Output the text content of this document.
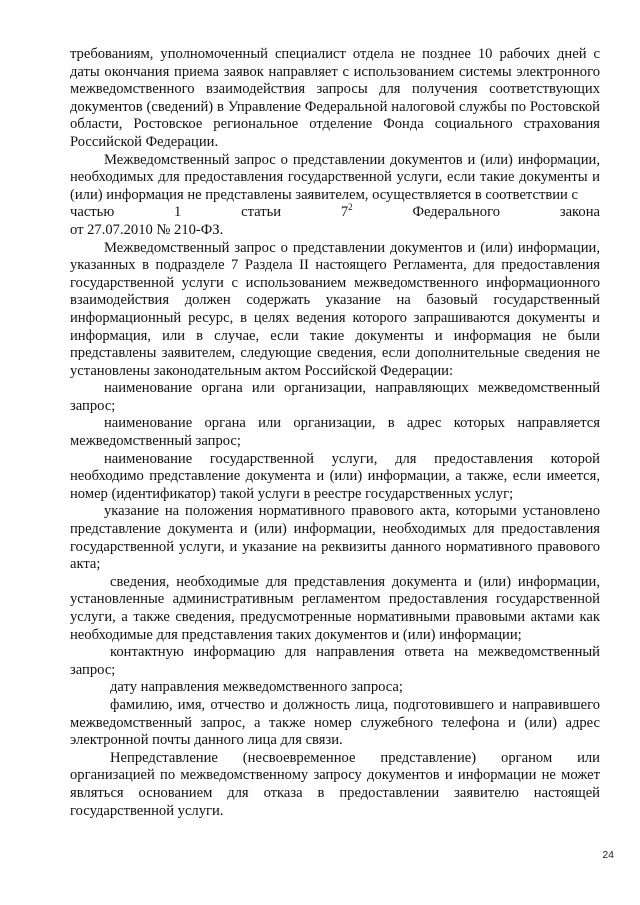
требованиям, уполномоченный специалист отдела не позднее 10 рабочих дней с даты окончания приема заявок направляет с использованием системы электронного межведомственного взаимодействия запросы для получения соответствующих документов (сведений) в Управление Федеральной налоговой службы по Ростовской области, Ростовское региональное отделение Фонда социального страхования Российской Федерации.

Межведомственный запрос о представлении документов и (или) информации, необходимых для предоставления государственной услуги, если такие документы и (или) информация не представлены заявителем, осуществляется в соответствии с

частью	1	статьи	$7^2$	Федерального	закона

от 27.07.2010 № 210-ФЗ.

Межведомственный запрос о представлении документов и (или) информации, указанных в подразделе 7 Раздела II настоящего Регламента, для предоставления государственной услуги с использованием межведомственного информационного взаимодействия должен содержать указание на базовый государственный информационный ресурс, в целях ведения которого запрашиваются документы и информация, или в случае, если такие документы и информация не были представлены заявителем, следующие сведения, если дополнительные сведения не установлены законодательным актом Российской Федерации:

наименование органа или организации, направляющих межведомственный запрос;

наименование органа или организации, в адрес которых направляется межведомственный запрос;

наименование государственной услуги, для предоставления которой необходимо представление документа и (или) информации, а также, если имеется, номер (идентификатор) такой услуги в реестре государственных услуг;

указание на положения нормативного правового акта, которыми установлено представление документа и (или) информации, необходимых для предоставления государственной услуги, и указание на реквизиты данного нормативного правового акта;

сведения, необходимые для представления документа и (или) информации, установленные административным регламентом предоставления государственной услуги, а также сведения, предусмотренные нормативными правовыми актами как необходимые для представления таких документов и (или) информации;

контактную информацию для направления ответа на межведомственный запрос;

дату направления межведомственного запроса;

фамилию, имя, отчество и должность лица, подготовившего и направившего межведомственный запрос, а также номер служебного телефона и (или) адрес электронной почты данного лица для связи.

Непредставление (несвоевременное представление) органом или организацией по межведомственному запросу документов и информации не может являться основанием для отказа в предоставлении заявителю настоящей государственной услуги.

24
